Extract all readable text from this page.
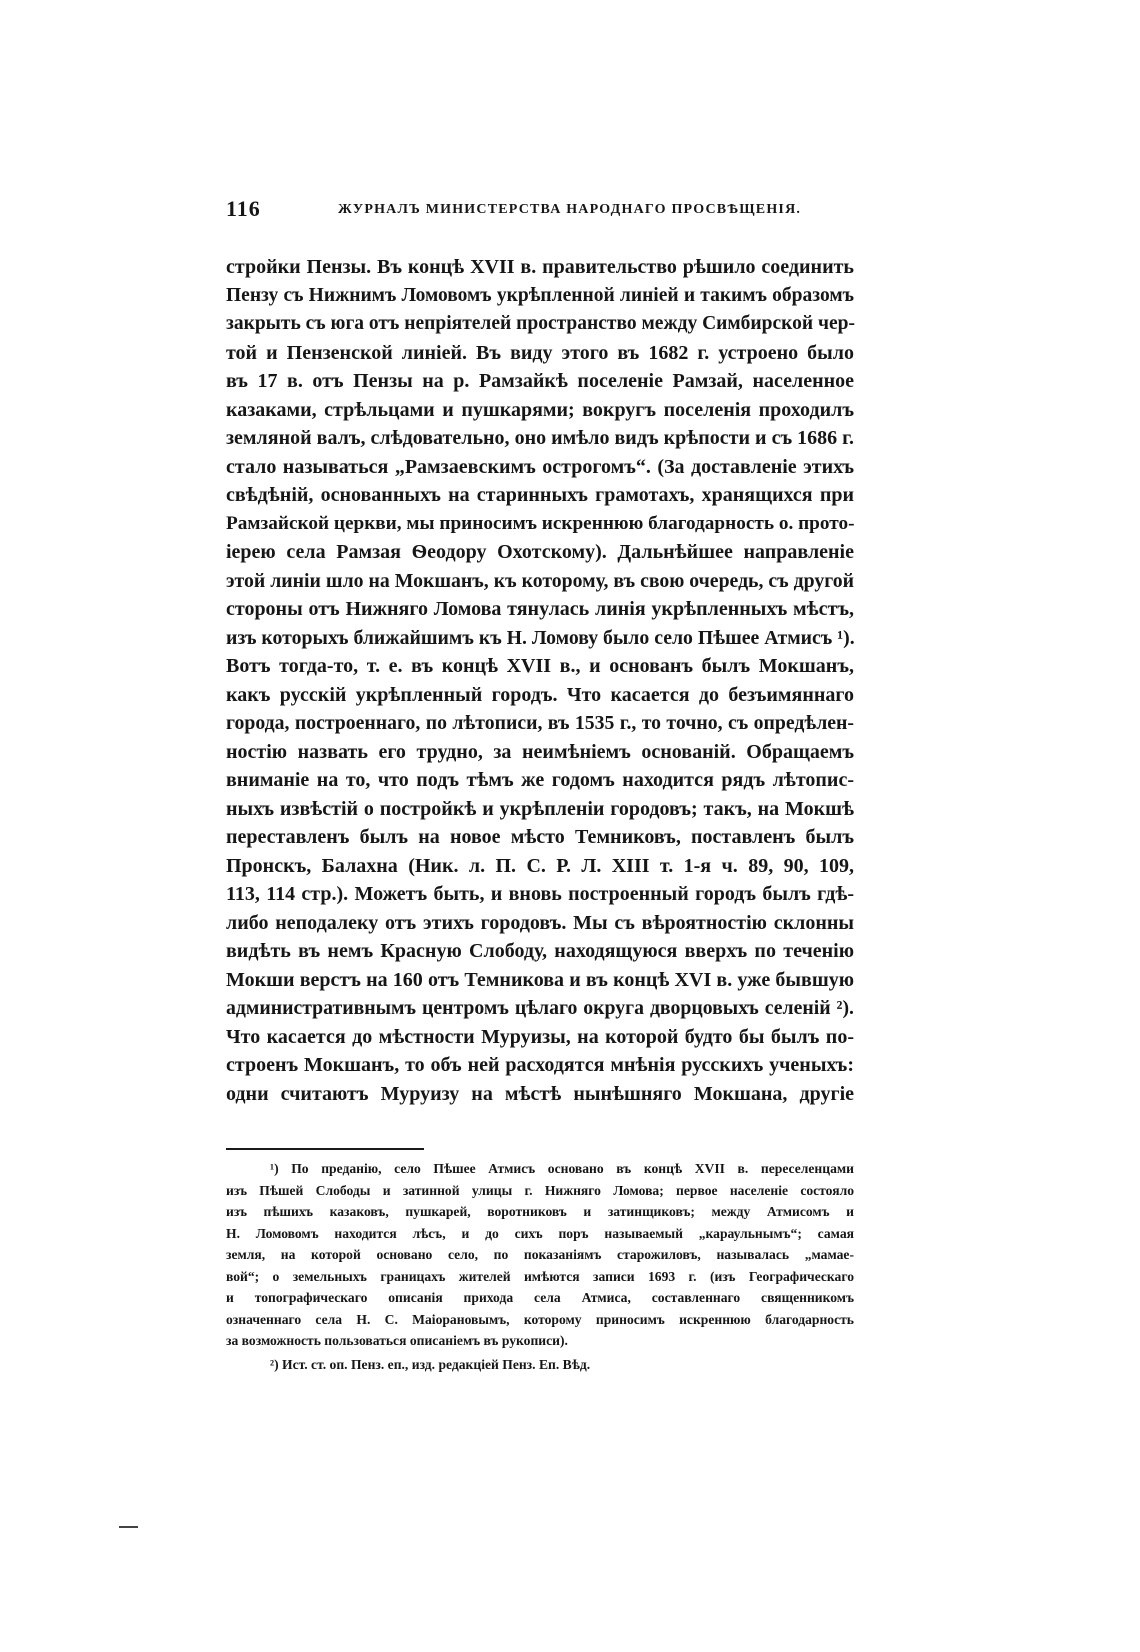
116	ЖУРНАЛЪ МИНИСТЕРСТВА НАРОДНАГО ПРОСВѢЩЕНІЯ.
стройки Пензы. Въ концѣ XVII в. правительство рѣшило соединить
Пензу съ Нижнимъ Ломовомъ укрѣпленной линіей и такимъ образомъ
закрыть съ юга отъ непріятелей пространство между Симбирской чер-
той и Пензенской линіей. Въ виду этого въ 1682 г. устроено было
въ 17 в. отъ Пензы на р. Рамзайкѣ поселеніе Рамзай, населенное
казаками, стрѣльцами и пушкарями; вокругъ поселенія проходилъ
земляной валъ, слѣдовательно, оно имѣло видъ крѣпости и съ 1686 г.
стало называться „Рамзаевскимъ острогомъ“. (За доставленіе этихъ
свѣдѣній, основанныхъ на старинныхъ грамотахъ, хранящихся при
Рамзайской церкви, мы приносимъ искреннюю благодарность о. прото-
іерею села Рамзая Ѳеодору Охотскому). Дальнѣйшее направленіе
этой линіи шло на Мокшанъ, къ которому, въ свою очередь, съ другой
стороны отъ Нижняго Ломова тянулась линія укрѣпленныхъ мѣстъ,
изъ которыхъ ближайшимъ къ Н. Ломову было село Пѣшее Атмисъ ¹).
Вотъ тогда-то, т. е. въ концѣ XVII в., и основанъ былъ Мокшанъ,
какъ русскій укрѣпленный городъ. Что касается до безъимяннаго
города, построеннаго, по лѣтописи, въ 1535 г., то точно, съ опредѣлен-
ностію назвать его трудно, за неимѣніемъ основаній. Обращаемъ
вниманіе на то, что подъ тѣмъ же годомъ находится рядъ лѣтопис-
ныхъ извѣстій о постройкѣ и укрѣпленіи городовъ; такъ, на Мокшѣ
переставленъ былъ на новое мѣсто Темниковъ, поставленъ былъ
Пронскъ, Балахна (Ник. л. П. С. Р. Л. XIII т. 1-я ч. 89, 90, 109,
113, 114 стр.). Можетъ быть, и вновь построенный городъ былъ гдѣ-
либо неподалеку отъ этихъ городовъ. Мы съ вѣроятностію склонны
видѣть въ немъ Красную Слободу, находящуюся вверхъ по теченію
Мокши верстъ на 160 отъ Темникова и въ концѣ XVI в. уже бывшую
административнымъ центромъ цѣлаго округа дворцовыхъ селеній ²).
Что касается до мѣстности Муруизы, на которой будто бы былъ по-
строенъ Мокшанъ, то объ ней расходятся мнѣнія русскихъ ученыхъ:
одни считаютъ Муруизу на мѣстѣ нынѣшняго Мокшана, другіе
¹) По преданію, село Пѣшее Атмисъ основано въ концѣ XVII в. переселенцами
изъ Пѣшей Слободы и затинной улицы г. Нижняго Ломова; первое населеніе состояло
изъ пѣшихъ казаковъ, пушкарей, воротниковъ и затинщиковъ; между Атмисомъ и
Н. Ломовомъ находится лѣсъ, и до сихъ поръ называемый „караульнымъ“; самая
земля, на которой основано село, по показаніямъ старожиловъ, называлась „мамае-
вой“; о земельныхъ границахъ жителей имѣются записи 1693 г. (изъ Географическаго
и топографическаго описанія прихода села Атмиса, составленнаго священникомъ
означеннаго села Н. С. Маіорановымъ, которому приносимъ искреннюю благодарность
за возможность пользоваться описаніемъ въ рукописи).
²) Ист. ст. оп. Пенз. еп., изд. редакціей Пенз. Еп. Вѣд.
